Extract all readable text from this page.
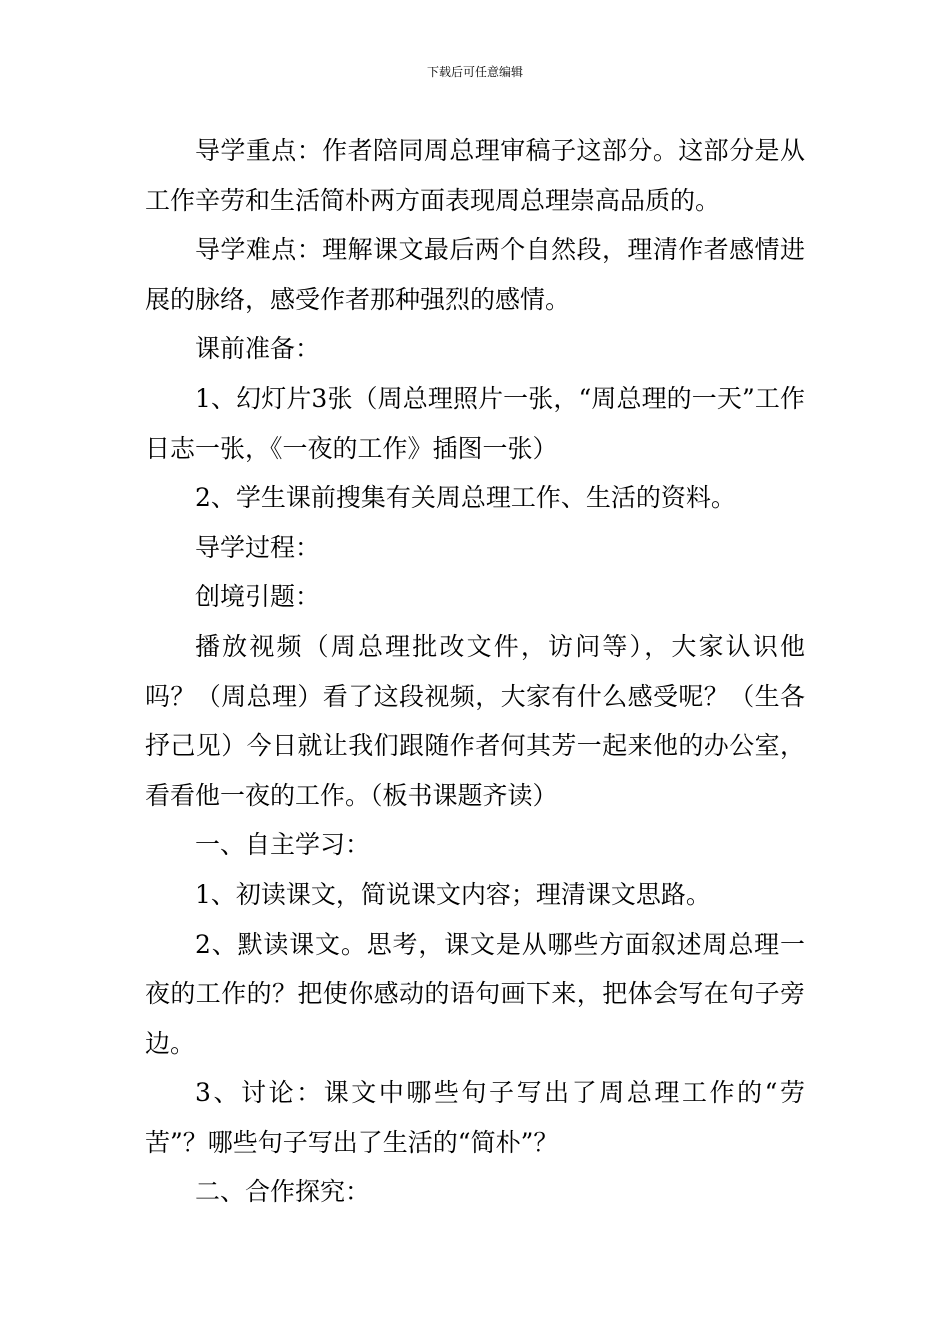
下载后可任意编辑

导学重点：作者陪同周总理审稿子这部分。这部分是从工作辛劳和生活简朴两方面表现周总理崇高品质的。

导学难点：理解课文最后两个自然段，理清作者感情进展的脉络，感受作者那种强烈的感情。

课前准备：

1、幻灯片3张（周总理照片一张，“周总理的一天”工作日志一张，《一夜的工作》插图一张）

2、学生课前搜集有关周总理工作、生活的资料。

导学过程：

创境引题：

播放视频（周总理批改文件，访问等），大家认识他吗？（周总理）看了这段视频，大家有什么感受呢？（生各抒己见）今日就让我们跟随作者何其芳一起来他的办公室，看看他一夜的工作。（板书课题齐读）

一、自主学习：

1、初读课文，简说课文内容；理清课文思路。

2、默读课文。思考，课文是从哪些方面叙述周总理一夜的工作的？把使你感动的语句画下来，把体会写在句子旁边。

3、讨论：课文中哪些句子写出了周总理工作的“劳苦”？哪些句子写出了生活的“简朴”？

二、合作探究：
